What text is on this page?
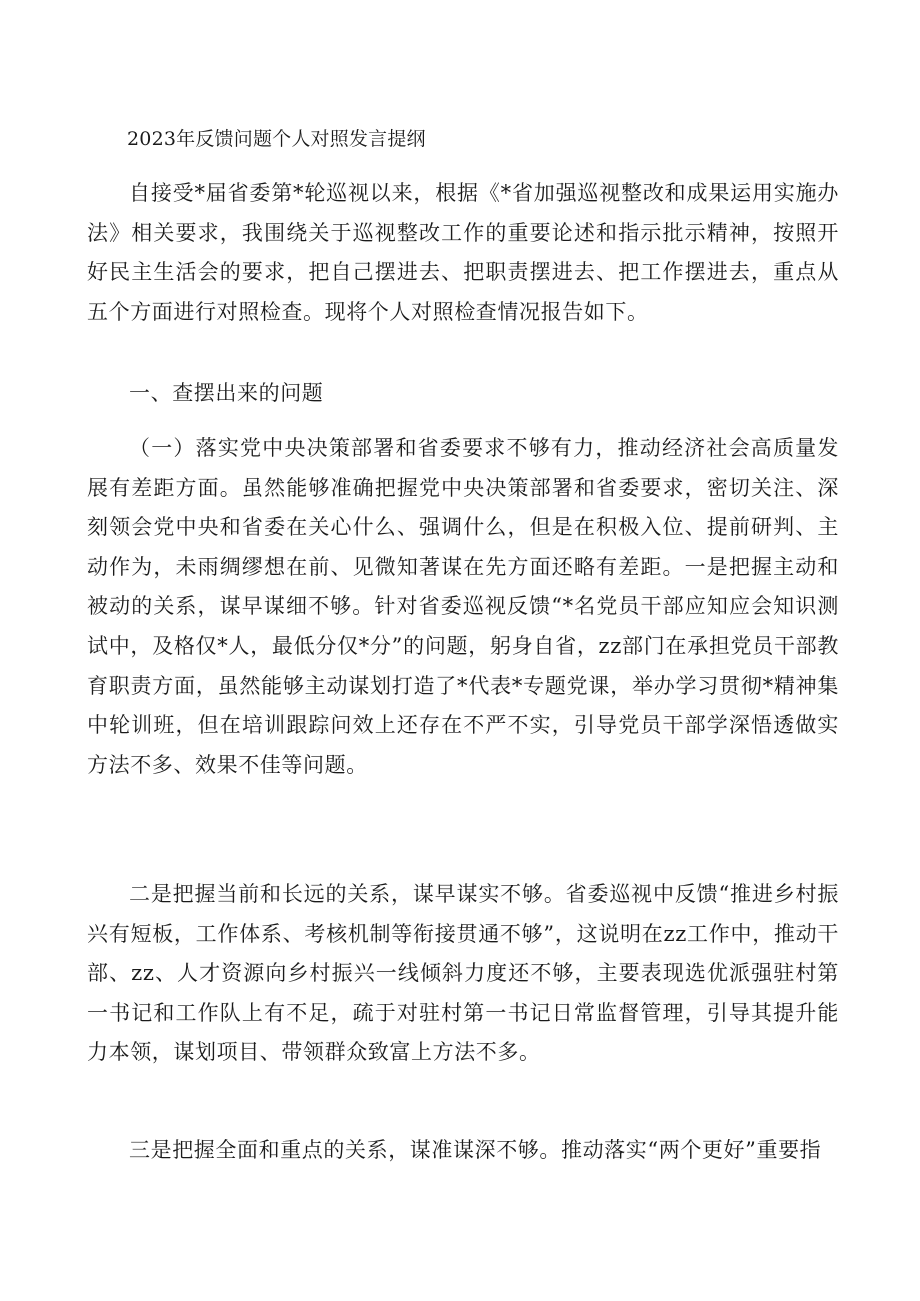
2023年反馈问题个人对照发言提纲

自接受*届省委第*轮巡视以来，根据《*省加强巡视整改和成果运用实施办法》相关要求，我围绕关于巡视整改工作的重要论述和指示批示精神，按照开好民主生活会的要求，把自己摆进去、把职责摆进去、把工作摆进去，重点从五个方面进行对照检查。现将个人对照检查情况报告如下。

一、查摆出来的问题

（一）落实党中央决策部署和省委要求不够有力，推动经济社会高质量发展有差距方面。虽然能够准确把握党中央决策部署和省委要求，密切关注、深刻领会党中央和省委在关心什么、强调什么，但是在积极入位、提前研判、主动作为，未雨绸缪想在前、见微知著谋在先方面还略有差距。一是把握主动和被动的关系，谋早谋细不够。针对省委巡视反馈“*名党员干部应知应会知识测试中，及格仅*人，最低分仅*分”的问题，躬身自省，zz部门在承担党员干部教育职责方面，虽然能够主动谋划打造了*代表*专题党课，举办学习贯彻*精神集中轮训班，但在培训跟踪问效上还存在不严不实，引导党员干部学深悟透做实方法不多、效果不佳等问题。

二是把握当前和长远的关系，谋早谋实不够。省委巡视中反馈“推进乡村振兴有短板，工作体系、考核机制等衔接贯通不够”，这说明在zz工作中，推动干部、zz、人才资源向乡村振兴一线倾斜力度还不够，主要表现选优派强驻村第一书记和工作队上有不足，疏于对驻村第一书记日常监督管理，引导其提升能力本领，谋划项目、带领群众致富上方法不多。

三是把握全面和重点的关系，谋准谋深不够。推动落实“两个更好”重要指
